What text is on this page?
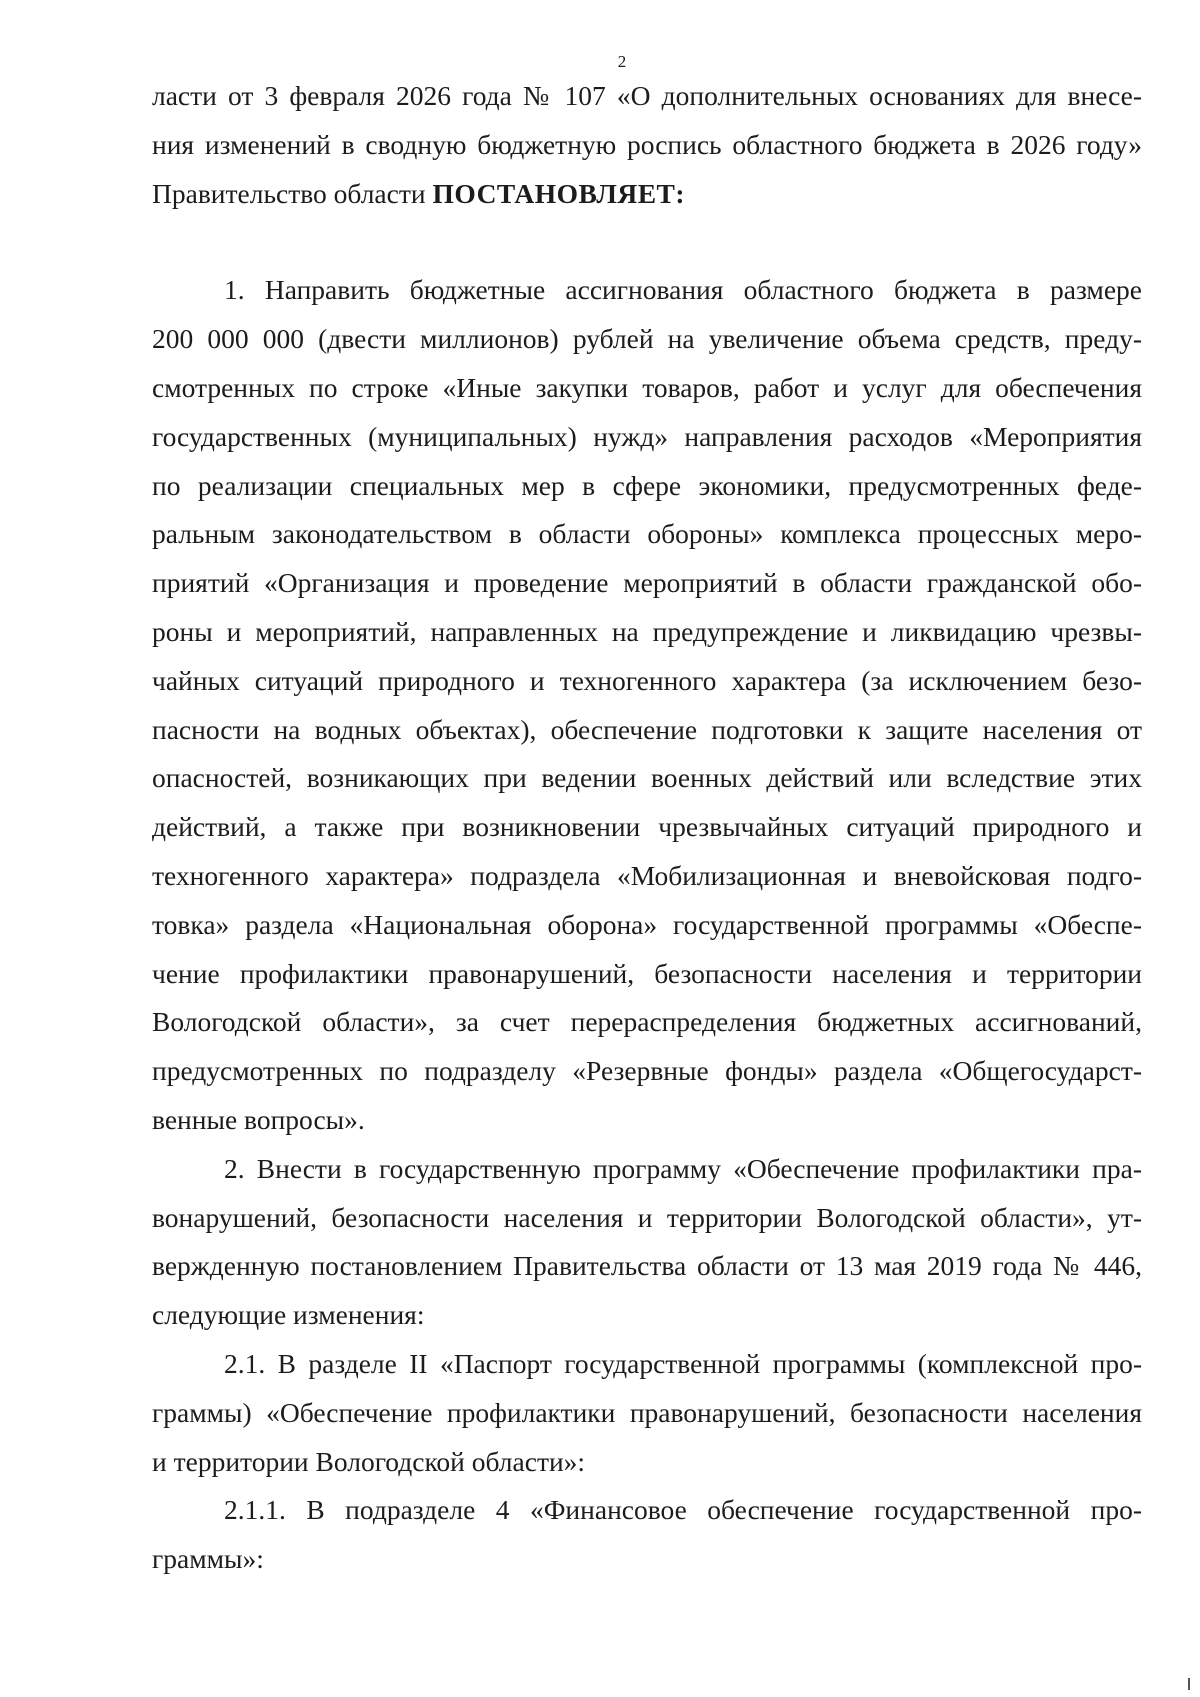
2
ласти от 3 февраля 2026 года № 107 «О дополнительных основаниях для внесе-
ния изменений в сводную бюджетную роспись областного бюджета в 2026 году»
Правительство области ПОСТАНОВЛЯЕТ:
1. Направить бюджетные ассигнования областного бюджета в размере
200 000 000 (двести миллионов) рублей на увеличение объема средств, преду-
смотренных по строке «Иные закупки товаров, работ и услуг для обеспечения
государственных (муниципальных) нужд» направления расходов «Мероприятия
по реализации специальных мер в сфере экономики, предусмотренных феде-
ральным законодательством в области обороны» комплекса процессных меро-
приятий «Организация и проведение мероприятий в области гражданской обо-
роны и мероприятий, направленных на предупреждение и ликвидацию чрезвы-
чайных ситуаций природного и техногенного характера (за исключением безо-
пасности на водных объектах), обеспечение подготовки к защите населения от
опасностей, возникающих при ведении военных действий или вследствие этих
действий, а также при возникновении чрезвычайных ситуаций природного и
техногенного характера» подраздела «Мобилизационная и вневойсковая подго-
товка» раздела «Национальная оборона» государственной программы «Обеспе-
чение профилактики правонарушений, безопасности населения и территории
Вологодской области», за счет перераспределения бюджетных ассигнований,
предусмотренных по подразделу «Резервные фонды» раздела «Общегосударст-
венные вопросы».
2. Внести в государственную программу «Обеспечение профилактики пра-
вонарушений, безопасности населения и территории Вологодской области», ут-
вержденную постановлением Правительства области от 13 мая 2019 года № 446,
следующие изменения:
2.1. В разделе II «Паспорт государственной программы (комплексной про-
граммы) «Обеспечение профилактики правонарушений, безопасности населения
и территории Вологодской области»:
2.1.1. В подразделе 4 «Финансовое обеспечение государственной про-
граммы»:
